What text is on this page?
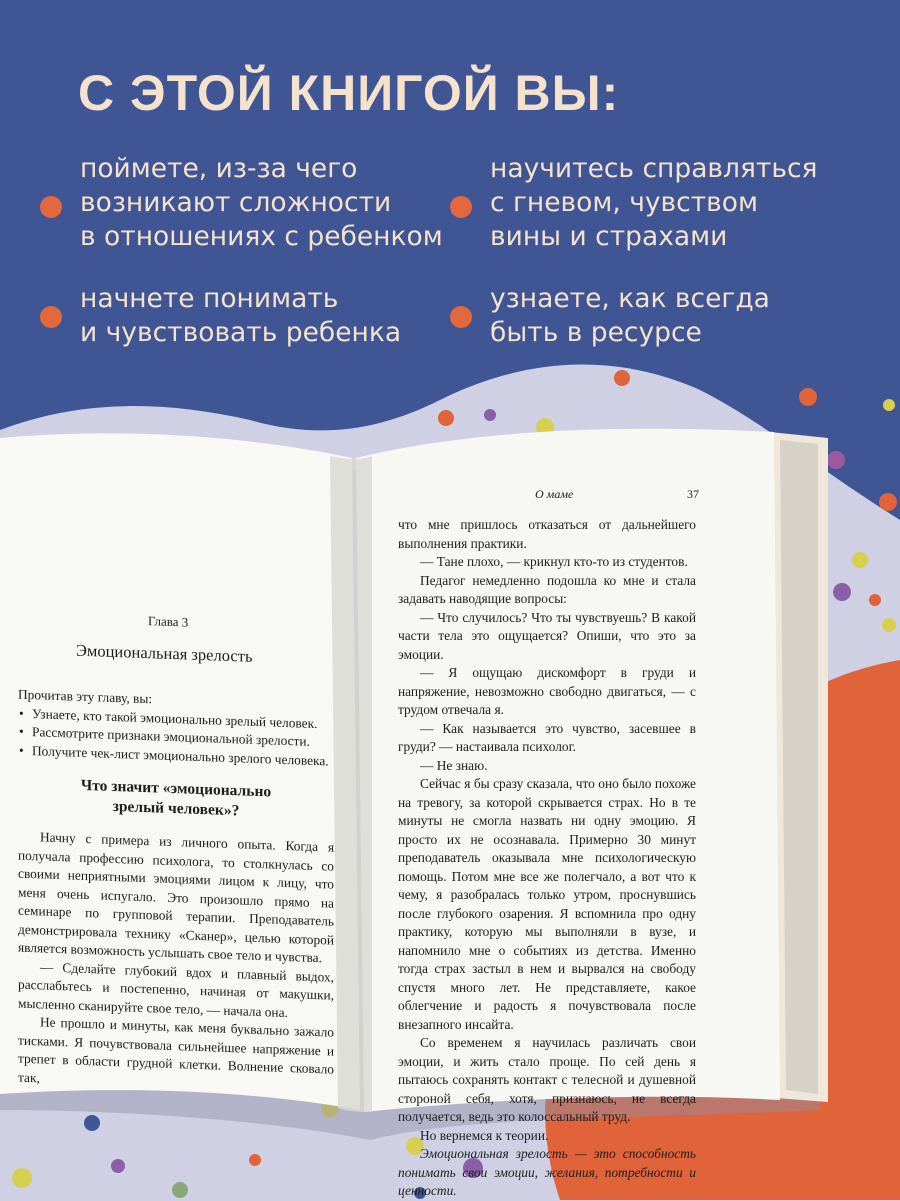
С ЭТОЙ КНИГОЙ ВЫ:
поймете, из-за чего
возникают сложности
в отношениях с ребенком
научитесь справляться
с гневом, чувством
вины и страхами
начнете понимать
и чувствовать ребенка
узнаете, как всегда
быть в ресурсе

Глава 3

Эмоциональная зрелость

Прочитав эту главу, вы:

• Узнаете, кто такой эмоционально зрелый человек.
• Рассмотрите признаки эмоциональной зрелости.
• Получите чек-лист эмоционально зрелого человека.
Что значит «эмоционально
зрелый человек»?

Начну с примера из личного опыта. Когда я получала профессию психолога, то столкнулась со своими неприятными эмоциями лицом к лицу, что меня очень испугало. Это произошло прямо на семинаре по групповой терапии. Преподаватель демонстрировала технику «Сканер», целью которой является возможность услышать свое тело и чувства.

— Сделайте глубокий вдох и плавный выдох, расслабьтесь и постепенно, начиная от макушки, мысленно сканируйте свое тело, — начала она.

Не прошло и минуты, как меня буквально зажало тисками. Я почувствовала сильнейшее напряжение и трепет в области грудной клетки. Волнение сковало так,

О маме	37

что мне пришлось отказаться от дальнейшего выполнения практики.

— Тане плохо, — крикнул кто-то из студентов.

Педагог немедленно подошла ко мне и стала задавать наводящие вопросы:

— Что случилось? Что ты чувствуешь? В какой части тела это ощущается? Опиши, что это за эмоции.

— Я ощущаю дискомфорт в груди и напряжение, невозможно свободно двигаться, — с трудом отвечала я.

— Как называется это чувство, засевшее в груди? — настаивала психолог.

— Не знаю.

Сейчас я бы сразу сказала, что оно было похоже на тревогу, за которой скрывается страх. Но в те минуты не смогла назвать ни одну эмоцию. Я просто их не осознавала. Примерно 30 минут преподаватель оказывала мне психологическую помощь. Потом мне все же полегчало, а вот что к чему, я разобралась только утром, проснувшись после глубокого озарения. Я вспомнила про одну практику, которую мы выполняли в вузе, и напомнило мне о событиях из детства. Именно тогда страх застыл в нем и вырвался на свободу спустя много лет. Не представляете, какое облегчение и радость я почувствовала после внезапного инсайта.

Со временем я научилась различать свои эмоции, и жить стало проще. По сей день я пытаюсь сохранять контакт с телесной и душевной стороной себя, хотя, признаюсь, не всегда получается, ведь это колоссальный труд.

Но вернемся к теории.

Эмоциональная зрелость — это способность понимать свои эмоции, желания, потребности и ценности.
